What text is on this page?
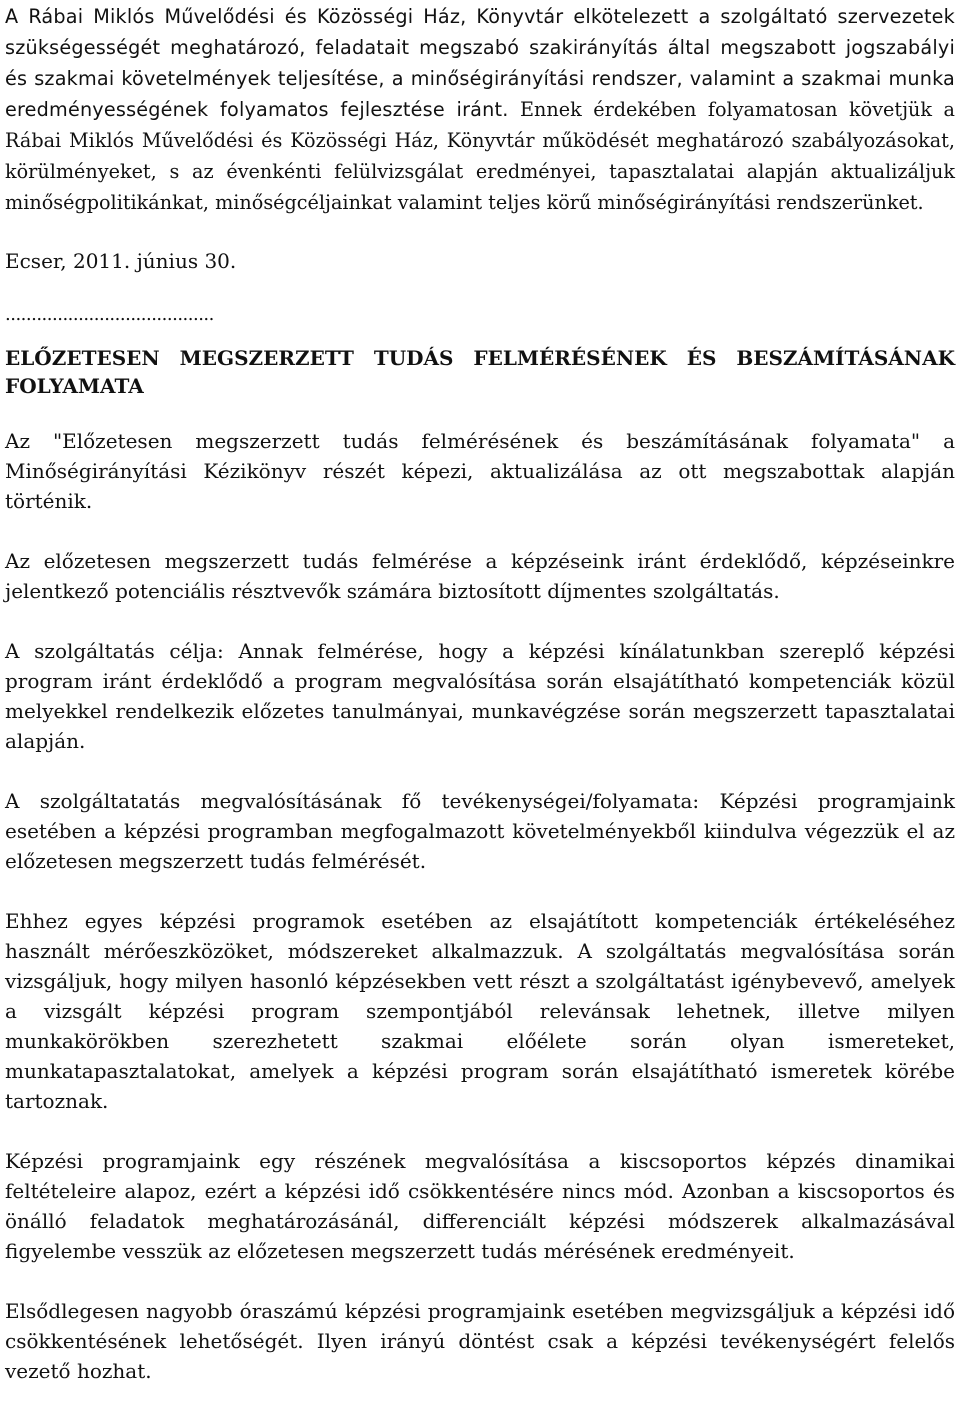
A Rábai Miklós Művelődési és Közösségi Ház, Könyvtár elkötelezett a szolgáltató szervezetek szükségességét meghatározó, feladatait megszabó szakirányítás által megszabott jogszabályi és szakmai követelmények teljesítése, a minőségirányítási rendszer, valamint a szakmai munka eredményességének folyamatos fejlesztése iránt. Ennek érdekében folyamatosan követjük a Rábai Miklós Művelődési és Közösségi Ház, Könyvtár működését meghatározó szabályozásokat, körülményeket, s az évenkénti felülvizsgálat eredményei, tapasztalatai alapján aktualizáljuk minőségpolitikánkat, minőségcéljainkat valamint teljes körű minőségirányítási rendszerünket.

Ecser, 2011. június 30.

........................................

ELŐZETESEN MEGSZERZETT TUDÁS FELMÉRÉSÉNEK ÉS BESZÁMÍTÁSÁNAK FOLYAMATA

Az "Előzetesen megszerzett tudás felmérésének és beszámításának folyamata" a Minőségirányítási Kézikönyv részét képezi, aktualizálása az ott megszabottak alapján történik.

Az előzetesen megszerzett tudás felmérése a képzéseink iránt érdeklődő, képzéseinkre jelentkező potenciális résztvevők számára biztosított díjmentes szolgáltatás.

A szolgáltatás célja: Annak felmérése, hogy a képzési kínálatunkban szereplő képzési program iránt érdeklődő a program megvalósítása során elsajátítható kompetenciák közül melyekkel rendelkezik előzetes tanulmányai, munkavégzése során megszerzett tapasztalatai alapján.

A szolgáltatatás megvalósításának fő tevékenységei/folyamata: Képzési programjaink esetében a képzési programban megfogalmazott követelményekből kiindulva végezzük el az előzetesen megszerzett tudás felmérését.

Ehhez egyes képzési programok esetében az elsajátított kompetenciák értékeléséhez használt mérőeszközöket, módszereket alkalmazzuk. A szolgáltatás megvalósítása során vizsgáljuk, hogy milyen hasonló képzésekben vett részt a szolgáltatást igénybevevő, amelyek a vizsgált képzési program szempontjából relevánsak lehetnek, illetve milyen munkakörökben szerezhetett szakmai előélete során olyan ismereteket, munkatapasztalatokat, amelyek a képzési program során elsajátítható ismeretek körébe tartoznak.

Képzési programjaink egy részének megvalósítása a kiscsoportos képzés dinamikai feltételeire alapoz, ezért a képzési idő csökkentésére nincs mód. Azonban a kiscsoportos és önálló feladatok meghatározásánál, differenciált képzési módszerek alkalmazásával figyelembe vesszük az előzetesen megszerzett tudás mérésének eredményeit.

Elsődlegesen nagyobb óraszámú képzési programjaink esetében megvizsgáljuk a képzési idő csökkentésének lehetőségét. Ilyen irányú döntést csak a képzési tevékenységért felelős vezető hozhat.
